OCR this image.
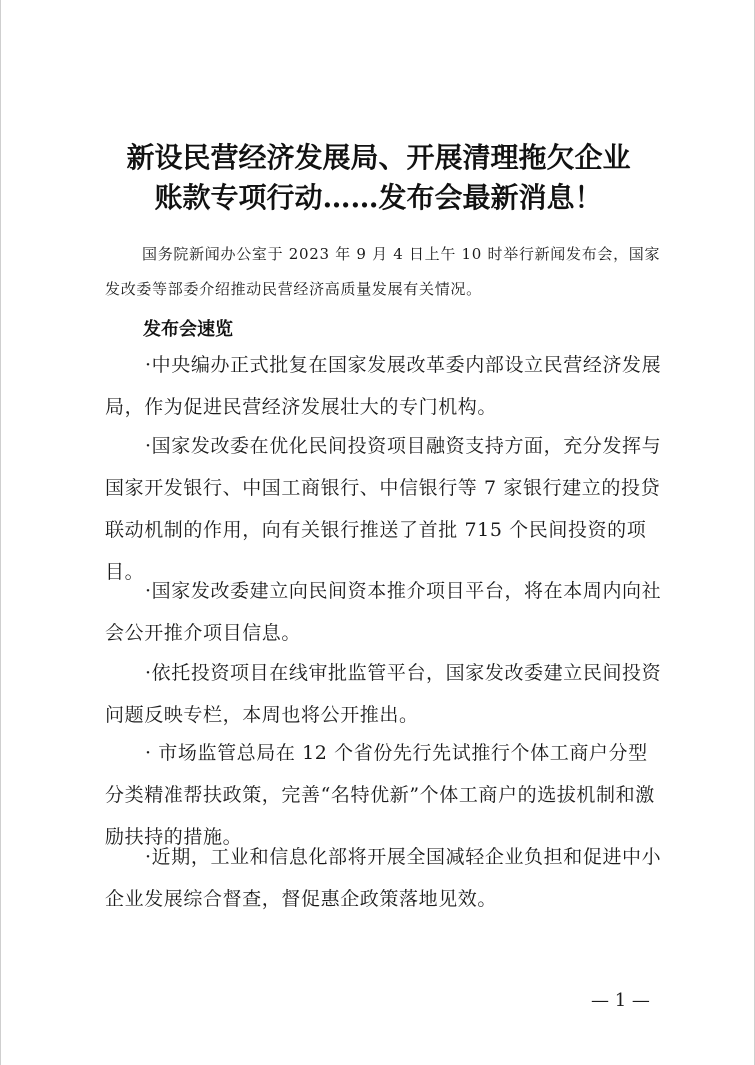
新设民营经济发展局、开展清理拖欠企业
账款专项行动……发布会最新消息！
国务院新闻办公室于 2023 年 9 月 4 日上午 10 时举行新闻发布会，国家发改委等部委介绍推动民营经济高质量发展有关情况。
发布会速览
·中央编办正式批复在国家发展改革委内部设立民营经济发展局，作为促进民营经济发展壮大的专门机构。
·国家发改委在优化民间投资项目融资支持方面，充分发挥与国家开发银行、中国工商银行、中信银行等 7 家银行建立的投贷联动机制的作用，向有关银行推送了首批 715 个民间投资的项目。
·国家发改委建立向民间资本推介项目平台，将在本周内向社会公开推介项目信息。
·依托投资项目在线审批监管平台，国家发改委建立民间投资问题反映专栏，本周也将公开推出。
· 市场监管总局在 12 个省份先行先试推行个体工商户分型分类精准帮扶政策，完善“名特优新”个体工商户的选拔机制和激励扶持的措施。
·近期，工业和信息化部将开展全国减轻企业负担和促进中小企业发展综合督查，督促惠企政策落地见效。
— 1 —
